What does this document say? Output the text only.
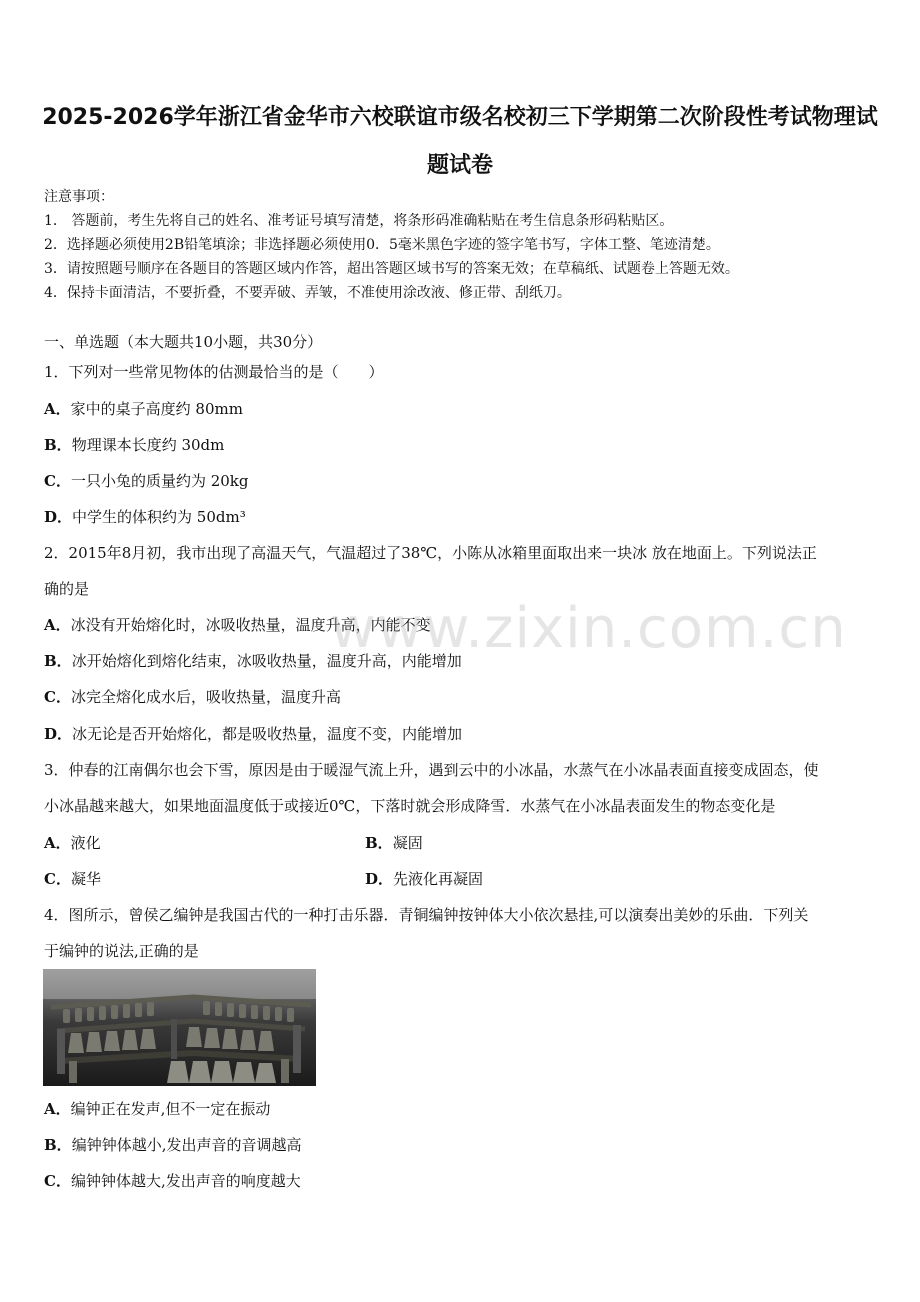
2025-2026学年浙江省金华市六校联谊市级名校初三下学期第二次阶段性考试物理试
题试卷
注意事项：
1． 答题前，考生先将自己的姓名、准考证号填写清楚，将条形码准确粘贴在考生信息条形码粘贴区。
2．选择题必须使用2B铅笔填涂；非选择题必须使用0．5毫米黑色字迹的签字笔书写，字体工整、笔迹清楚。
3．请按照题号顺序在各题目的答题区域内作答，超出答题区域书写的答案无效；在草稿纸、试题卷上答题无效。
4．保持卡面清洁，不要折叠，不要弄破、弄皱，不准使用涂改液、修正带、刮纸刀。
一、单选题（本大题共10小题，共30分）
1．下列对一些常见物体的估测最恰当的是（　　）
A．家中的桌子高度约 80mm
B．物理课本长度约 30dm
C．一只小兔的质量约为 20kg
D．中学生的体积约为 50dm³
2．2015年8月初，我市出现了高温天气，气温超过了38℃，小陈从冰箱里面取出来一块冰 放在地面上。下列说法正
确的是
A．冰没有开始熔化时，冰吸收热量，温度升高，内能不变
B．冰开始熔化到熔化结束，冰吸收热量，温度升高，内能增加
C．冰完全熔化成水后，吸收热量，温度升高
D．冰无论是否开始熔化，都是吸收热量，温度不变，内能增加
3．仲春的江南偶尔也会下雪，原因是由于暖湿气流上升，遇到云中的小冰晶，水蒸气在小冰晶表面直接变成固态，使
小冰晶越来越大，如果地面温度低于或接近0℃，下落时就会形成降雪．水蒸气在小冰晶表面发生的物态变化是
A．液化	B．凝固
C．凝华	D．先液化再凝固
4．图所示，曾侯乙编钟是我国古代的一种打击乐器．青铜编钟按钟体大小依次悬挂,可以演奏出美妙的乐曲．下列关
于编钟的说法,正确的是
A．编钟正在发声,但不一定在振动
B．编钟钟体越小,发出声音的音调越高
C．编钟钟体越大,发出声音的响度越大
www.zixin.com.cn
